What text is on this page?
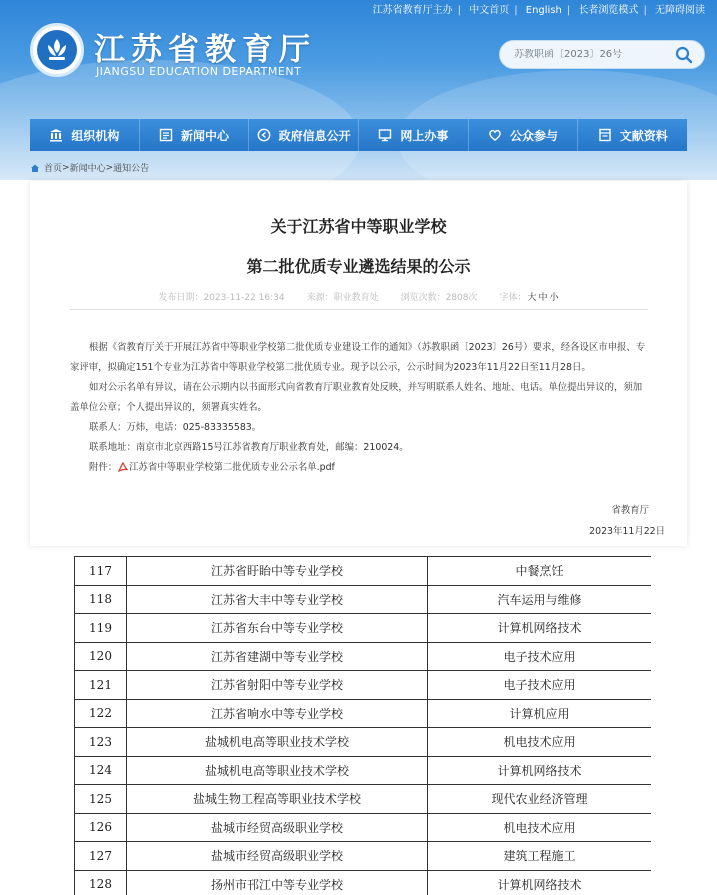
江苏省教育厅主办 | 中文首页 | English | 长者浏览模式 | 无障碍阅读
江苏省教育厅
JIANGSU EDUCATION DEPARTMENT
苏教职函〔2023〕26号
组织机构	新闻中心	政府信息公开	网上办事	公众参与	文献资料
首页 > 新闻中心 > 通知公告
关于江苏省中等职业学校
第二批优质专业遴选结果的公示
发布日期：2023-11-22 16:34 来源：职业教育处 浏览次数：2808次 字体：大 中 小

根据《省教育厅关于开展江苏省中等职业学校第二批优质专业建设工作的通知》（苏教职函〔2023〕26号）要求，经各设区市申报、专家评审，拟确定151个专业为江苏省中等职业学校第二批优质专业。现予以公示，公示时间为2023年11月22日至11月28日。

如对公示名单有异议，请在公示期内以书面形式向省教育厅职业教育处反映，并写明联系人姓名、地址、电话。单位提出异议的，须加盖单位公章；个人提出异议的，须署真实姓名。

联系人：万炜，电话：025-83335583。

联系地址：南京市北京西路15号江苏省教育厅职业教育处，邮编：210024。

附件： 江苏省中等职业学校第二批优质专业公示名单.pdf

省教育厅
2023年11月22日
117	江苏省盱眙中等专业学校	中餐烹饪
118	江苏省大丰中等专业学校	汽车运用与维修
119	江苏省东台中等专业学校	计算机网络技术
120	江苏省建湖中等专业学校	电子技术应用
121	江苏省射阳中等专业学校	电子技术应用
122	江苏省响水中等专业学校	计算机应用
123	盐城机电高等职业技术学校	机电技术应用
124	盐城机电高等职业技术学校	计算机网络技术
125	盐城生物工程高等职业技术学校	现代农业经济管理
126	盐城市经贸高级职业学校	机电技术应用
127	盐城市经贸高级职业学校	建筑工程施工
128	扬州市邗江中等专业学校	计算机网络技术
